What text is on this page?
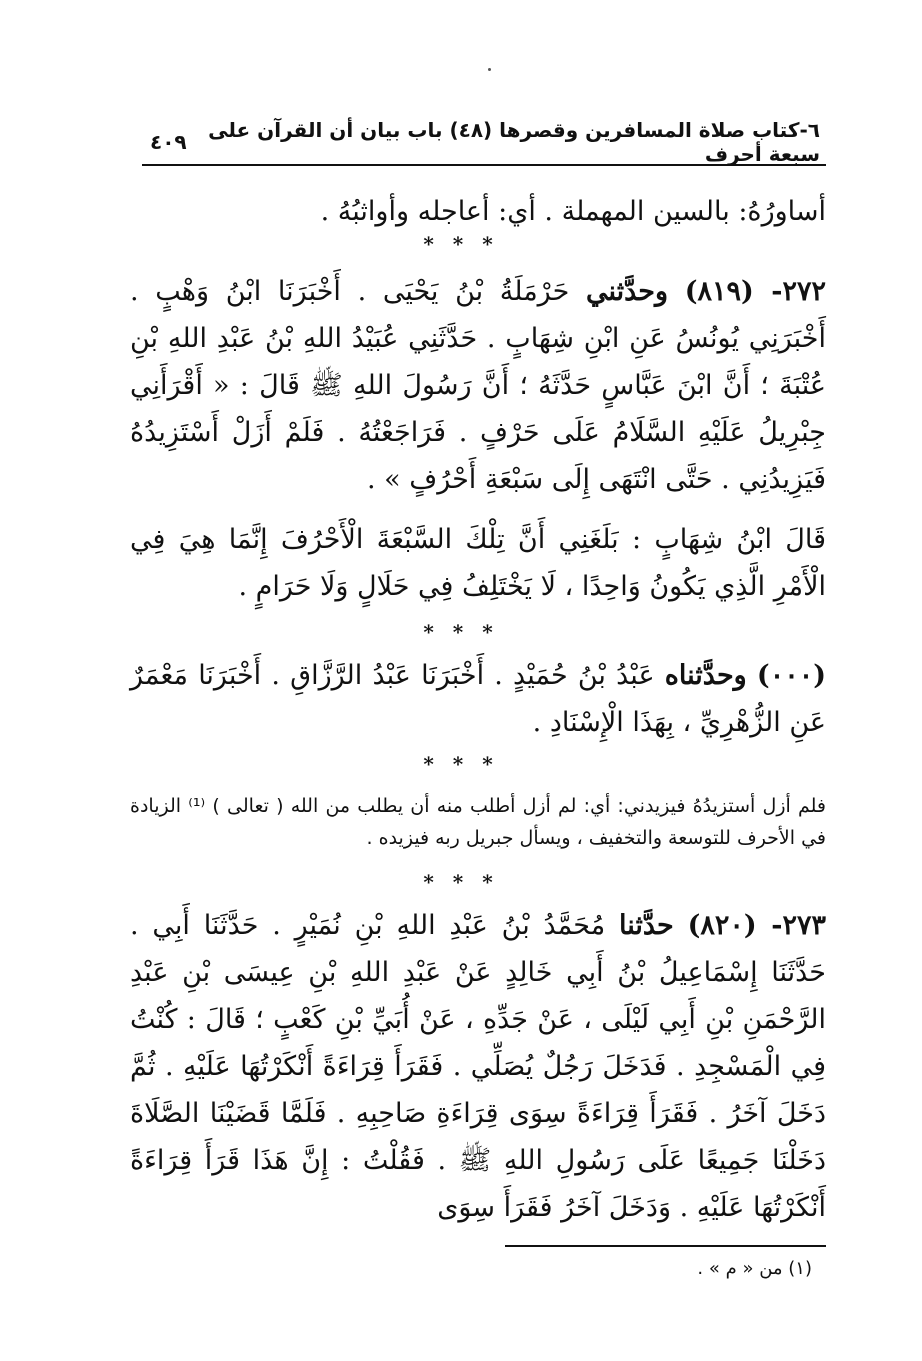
٦-كتاب صلاة المسافرين وقصرها (٤٨) باب بيان أن القرآن على سبعة أحرف
٤٠٩
أساورُهُ: بالسين المهملة . أي: أعاجله وأواثبُهُ .
* * *
٢٧٢- (٨١٩) وحدَّثني حَرْمَلَةُ بْنُ يَحْيَى . أَخْبَرَنَا ابْنُ وَهْبٍ . أَخْبَرَنِي يُونُسُ عَنِ ابْنِ شِهَابٍ . حَدَّثَنِي عُبَيْدُ اللهِ بْنُ عَبْدِ اللهِ بْنِ عُتْبَةَ ؛ أَنَّ ابْنَ عَبَّاسٍ حَدَّثَهُ ؛ أَنَّ رَسُولَ اللهِ ﷺ قَالَ : « أَقْرَأَنِي جِبْرِيلُ عَلَيْهِ السَّلَامُ عَلَى حَرْفٍ . فَرَاجَعْتُهُ . فَلَمْ أَزَلْ أَسْتَزِيدُهُ فَيَزِيدُنِي . حَتَّى انْتَهَى إِلَى سَبْعَةِ أَحْرُفٍ » .
قَالَ ابْنُ شِهَابٍ : بَلَغَنِي أَنَّ تِلْكَ السَّبْعَةَ الْأَحْرُفَ إِنَّمَا هِيَ فِي الْأَمْرِ الَّذِي يَكُونُ وَاحِدًا ، لَا يَخْتَلِفُ فِي حَلَالٍ وَلَا حَرَامٍ .
* * *
(٠٠٠) وحدَّثناه عَبْدُ بْنُ حُمَيْدٍ . أَخْبَرَنَا عَبْدُ الرَّزَّاقِ . أَخْبَرَنَا مَعْمَرٌ عَنِ الزُّهْرِيِّ ، بِهَذَا الْإِسْنَادِ .
* * *
فلم أزل أستزيدُهُ فيزيدني: أي: لم أزل أطلب منه أن يطلب من الله ( تعالى ) ⁽¹⁾ الزيادة في الأحرف للتوسعة والتخفيف ، ويسأل جبريل ربه فيزيده .
* * *
٢٧٣- (٨٢٠) حدَّثنا مُحَمَّدُ بْنُ عَبْدِ اللهِ بْنِ نُمَيْرٍ . حَدَّثَنَا أَبِي . حَدَّثَنَا إِسْمَاعِيلُ بْنُ أَبِي خَالِدٍ عَنْ عَبْدِ اللهِ بْنِ عِيسَى بْنِ عَبْدِ الرَّحْمَنِ بْنِ أَبِي لَيْلَى ، عَنْ جَدِّهِ ، عَنْ أُبَيِّ بْنِ كَعْبٍ ؛ قَالَ : كُنْتُ فِي الْمَسْجِدِ . فَدَخَلَ رَجُلٌ يُصَلِّي . فَقَرَأَ قِرَاءَةً أَنْكَرْتُهَا عَلَيْهِ . ثُمَّ دَخَلَ آخَرُ . فَقَرَأَ قِرَاءَةً سِوَى قِرَاءَةِ صَاحِبِهِ . فَلَمَّا قَضَيْنَا الصَّلَاةَ دَخَلْنَا جَمِيعًا عَلَى رَسُولِ اللهِ ﷺ . فَقُلْتُ : إِنَّ هَذَا قَرَأَ قِرَاءَةً أَنْكَرْتُهَا عَلَيْهِ . وَدَخَلَ آخَرُ فَقَرَأَ سِوَى
(١) من « م » .
